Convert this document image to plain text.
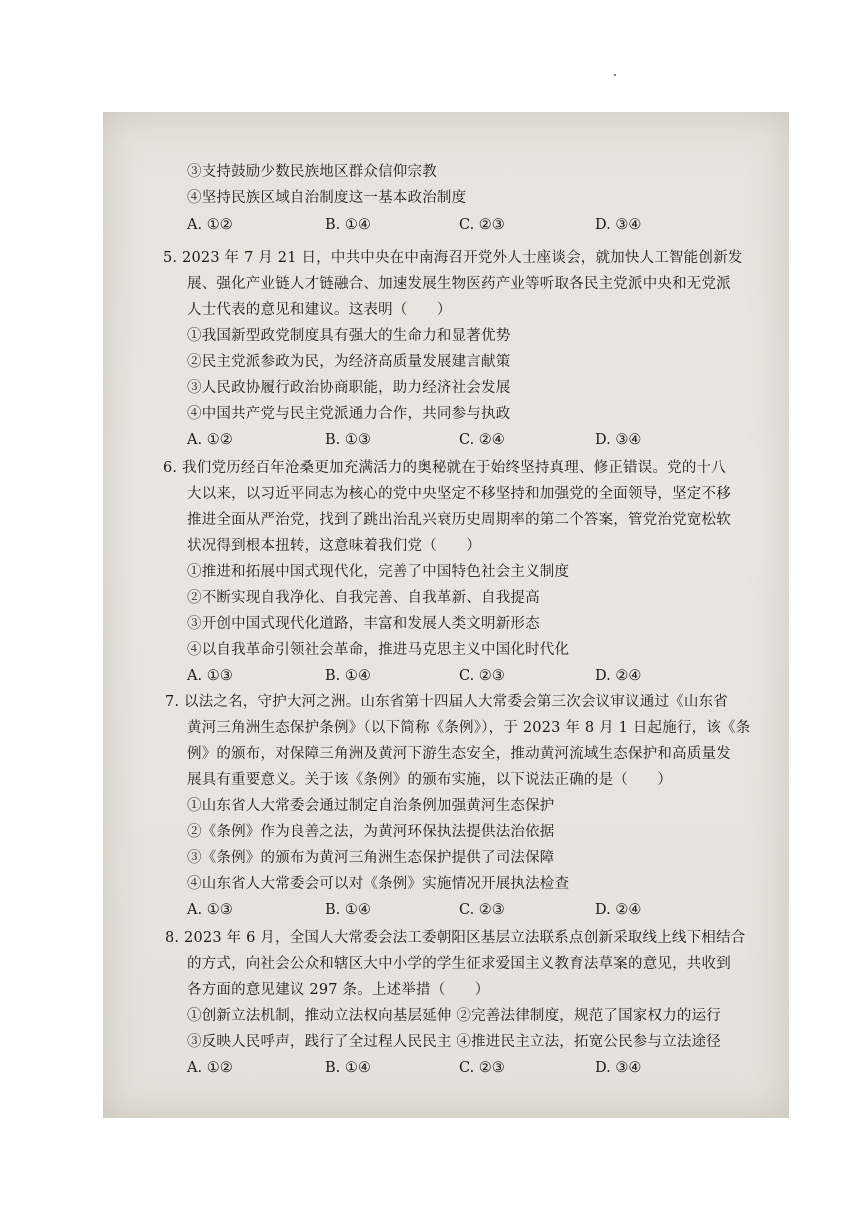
③支持鼓励少数民族地区群众信仰宗教
④坚持民族区域自治制度这一基本政治制度
A. ①②	B. ①④	C. ②③	D. ③④
5. 2023 年 7 月 21 日，中共中央在中南海召开党外人士座谈会，就加快人工智能创新发
展、强化产业链人才链融合、加速发展生物医药产业等听取各民主党派中央和无党派
人士代表的意见和建议。这表明（　　）
①我国新型政党制度具有强大的生命力和显著优势
②民主党派参政为民，为经济高质量发展建言献策
③人民政协履行政治协商职能，助力经济社会发展
④中国共产党与民主党派通力合作，共同参与执政
A. ①②	B. ①③	C. ②④	D. ③④
6. 我们党历经百年沧桑更加充满活力的奥秘就在于始终坚持真理、修正错误。党的十八
大以来，以习近平同志为核心的党中央坚定不移坚持和加强党的全面领导，坚定不移
推进全面从严治党，找到了跳出治乱兴衰历史周期率的第二个答案，管党治党宽松软
状况得到根本扭转，这意味着我们党（　　）
①推进和拓展中国式现代化，完善了中国特色社会主义制度
②不断实现自我净化、自我完善、自我革新、自我提高
③开创中国式现代化道路，丰富和发展人类文明新形态
④以自我革命引领社会革命，推进马克思主义中国化时代化
A. ①③	B. ①④	C. ②③	D. ②④
7. 以法之名，守护大河之洲。山东省第十四届人大常委会第三次会议审议通过《山东省
黄河三角洲生态保护条例》（以下简称《条例》），于 2023 年 8 月 1 日起施行，该《条
例》的颁布，对保障三角洲及黄河下游生态安全，推动黄河流域生态保护和高质量发
展具有重要意义。关于该《条例》的颁布实施，以下说法正确的是（　　）
①山东省人大常委会通过制定自治条例加强黄河生态保护
②《条例》作为良善之法，为黄河环保执法提供法治依据
③《条例》的颁布为黄河三角洲生态保护提供了司法保障
④山东省人大常委会可以对《条例》实施情况开展执法检查
A. ①③	B. ①④	C. ②③	D. ②④
8. 2023 年 6 月，全国人大常委会法工委朝阳区基层立法联系点创新采取线上线下相结合
的方式，向社会公众和辖区大中小学的学生征求爱国主义教育法草案的意见，共收到
各方面的意见建议 297 条。上述举措（　　）
①创新立法机制，推动立法权向基层延伸 ②完善法律制度，规范了国家权力的运行
③反映人民呼声，践行了全过程人民民主 ④推进民主立法，拓宽公民参与立法途径
A. ①②	B. ①④	C. ②③	D. ③④
